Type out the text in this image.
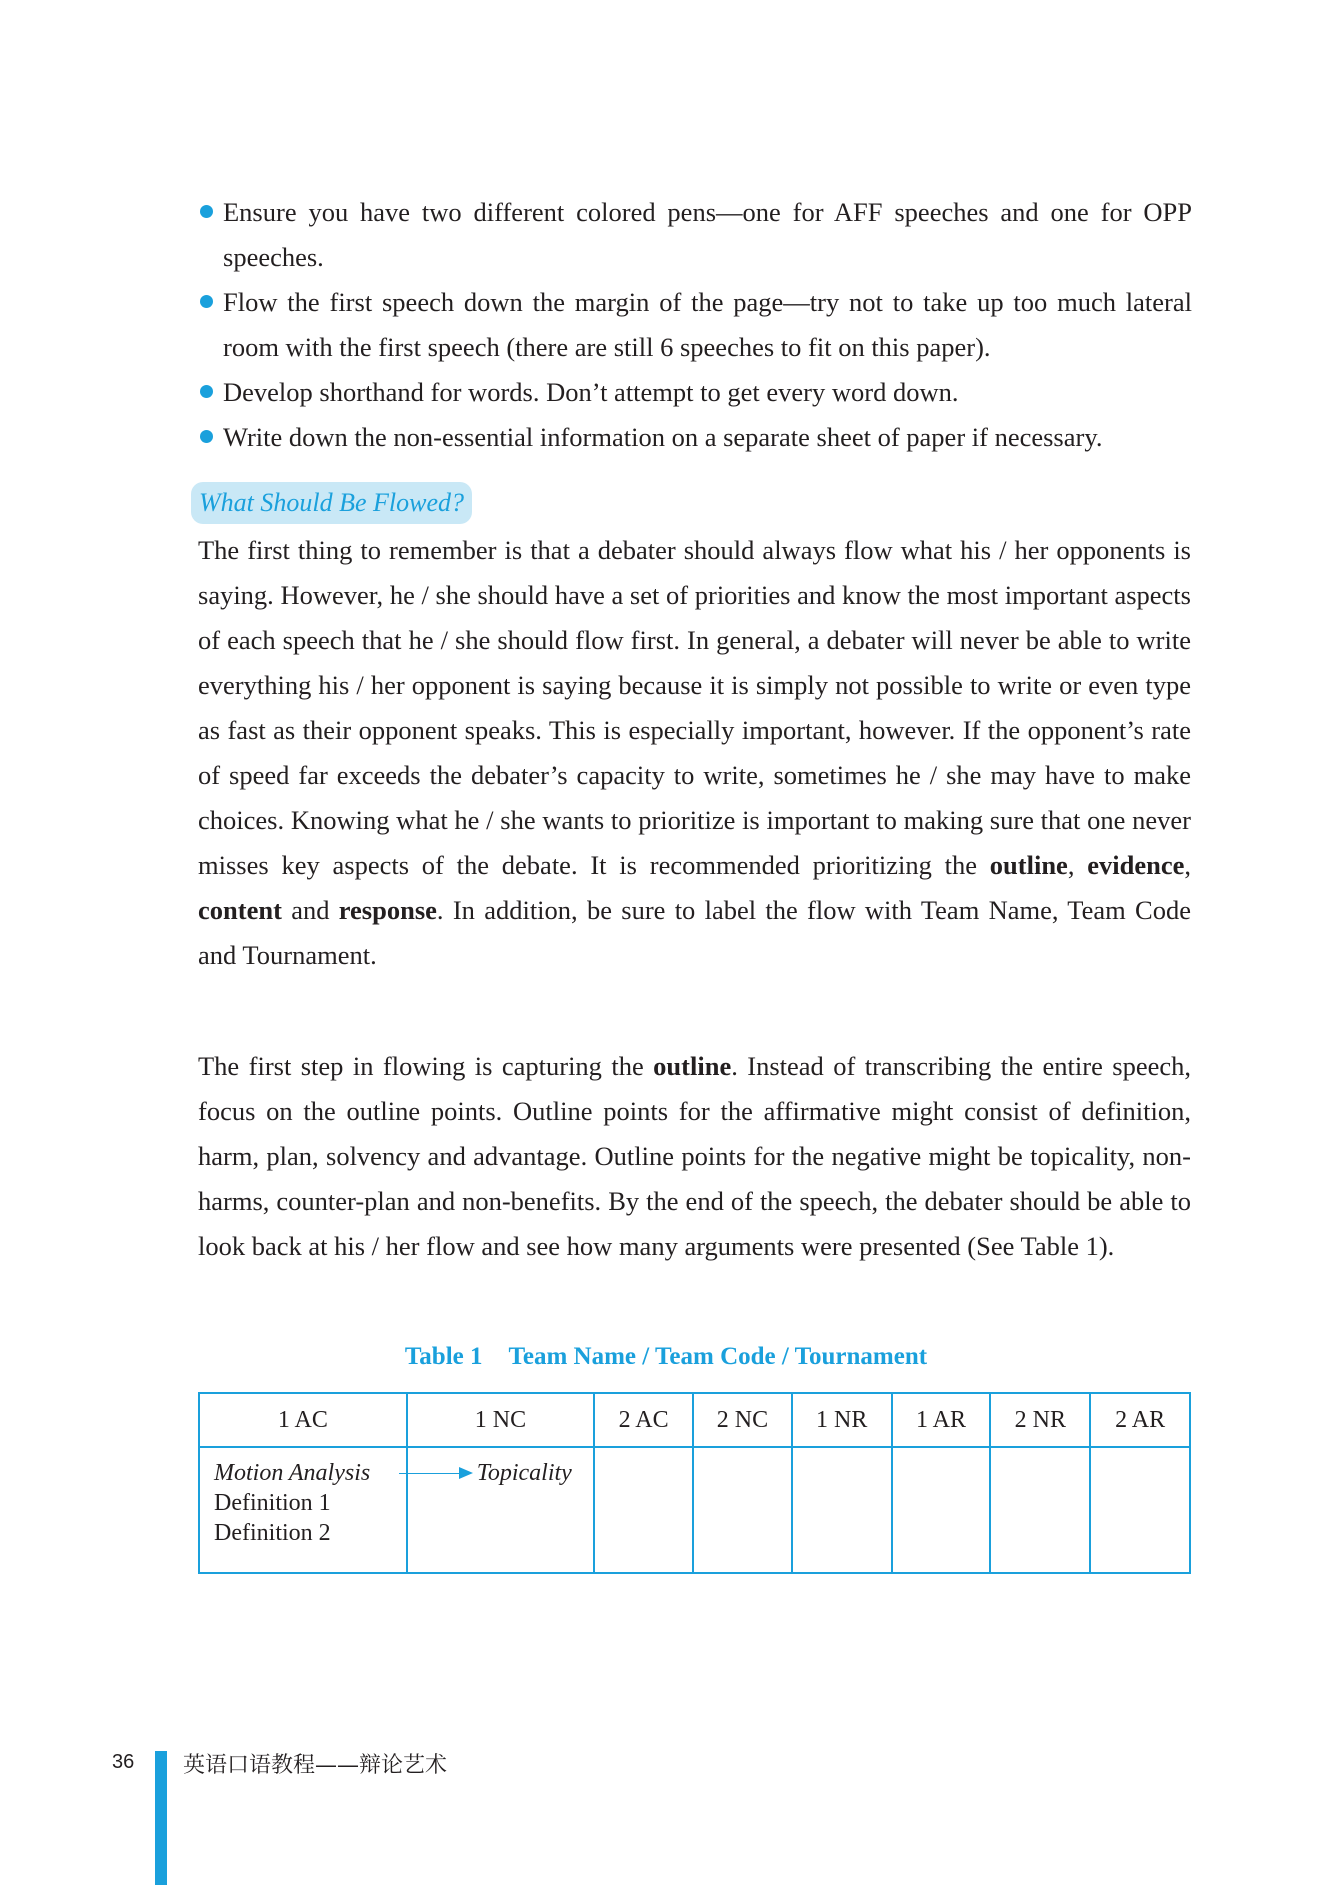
Ensure you have two different colored pens—one for AFF speeches and one for OPP speeches.
Flow the first speech down the margin of the page—try not to take up too much lateral room with the first speech (there are still 6 speeches to fit on this paper).
Develop shorthand for words. Don’t attempt to get every word down.
Write down the non-essential information on a separate sheet of paper if necessary.
What Should Be Flowed?

The first thing to remember is that a debater should always flow what his / her opponents is saying. However, he / she should have a set of priorities and know the most important aspects of each speech that he / she should flow first. In general, a debater will never be able to write everything his / her opponent is saying because it is simply not possible to write or even type as fast as their opponent speaks. This is especially important, however. If the opponent’s rate of speed far exceeds the debater’s capacity to write, sometimes he / she may have to make choices. Knowing what he / she wants to prioritize is important to making sure that one never misses key aspects of the debate. It is recommended prioritizing the outline, evidence, content and response. In addition, be sure to label the flow with Team Name, Team Code and Tournament.

The first step in flowing is capturing the outline. Instead of transcribing the entire speech, focus on the outline points. Outline points for the affirmative might consist of definition, harm, plan, solvency and advantage. Outline points for the negative might be topicality, non-harms, counter-plan and non-benefits. By the end of the speech, the debater should be able to look back at his / her flow and see how many arguments were presented (See Table 1).

Table 1 Team Name / Team Code / Tournament
1 AC	1 NC	2 AC	2 NC	1 NR	1 AR	2 NR	2 AR

Motion Analysis
Definition 1
Definition 2	Topicality						

36 英语口语教程——辩论艺术
